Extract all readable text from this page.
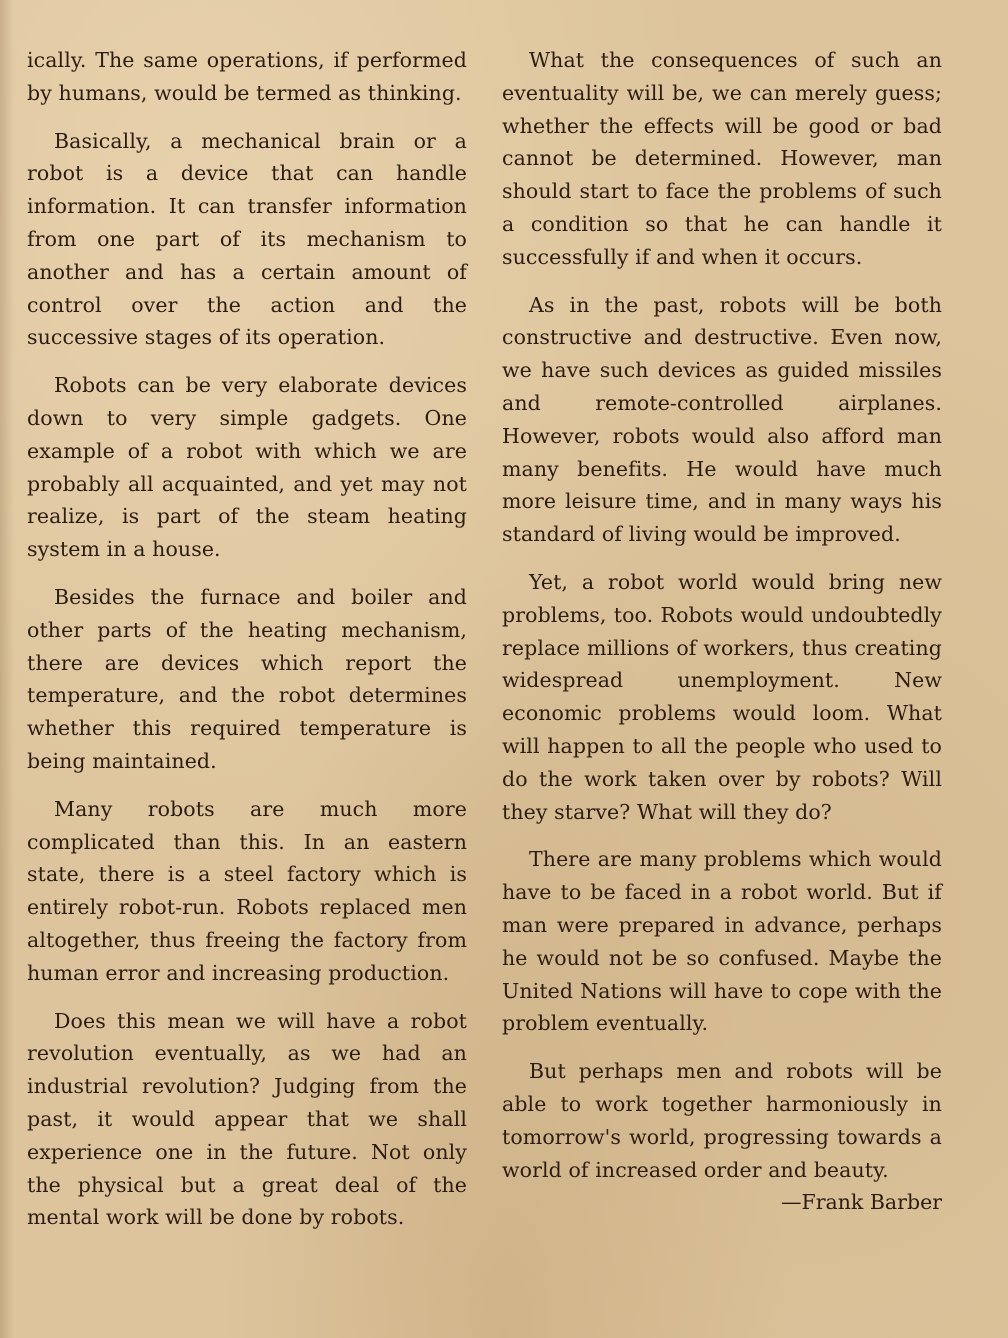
ically. The same operations, if performed by humans, would be termed as thinking.

Basically, a mechanical brain or a robot is a device that can handle information. It can transfer information from one part of its mechanism to another and has a certain amount of control over the action and the successive stages of its operation.

Robots can be very elaborate devices down to very simple gadgets. One example of a robot with which we are probably all acquainted, and yet may not realize, is part of the steam heating system in a house.

Besides the furnace and boiler and other parts of the heating mechanism, there are devices which report the temperature, and the robot determines whether this required temperature is being maintained.

Many robots are much more complicated than this. In an eastern state, there is a steel factory which is entirely robot-run. Robots replaced men altogether, thus freeing the factory from human error and increasing production.

Does this mean we will have a robot revolution eventually, as we had an industrial revolution? Judging from the past, it would appear that we shall experience one in the future. Not only the physical but a great deal of the mental work will be done by robots.

What the consequences of such an eventuality will be, we can merely guess; whether the effects will be good or bad cannot be determined. However, man should start to face the problems of such a condition so that he can handle it successfully if and when it occurs.

As in the past, robots will be both constructive and destructive. Even now, we have such devices as guided missiles and remote-controlled airplanes. However, robots would also afford man many benefits. He would have much more leisure time, and in many ways his standard of living would be improved.

Yet, a robot world would bring new problems, too. Robots would undoubtedly replace millions of workers, thus creating widespread unemployment. New economic problems would loom. What will happen to all the people who used to do the work taken over by robots? Will they starve? What will they do?

There are many problems which would have to be faced in a robot world. But if man were prepared in advance, perhaps he would not be so confused. Maybe the United Nations will have to cope with the problem eventually.

But perhaps men and robots will be able to work together harmoniously in tomorrow's world, progressing towards a world of increased order and beauty.

—Frank Barber
